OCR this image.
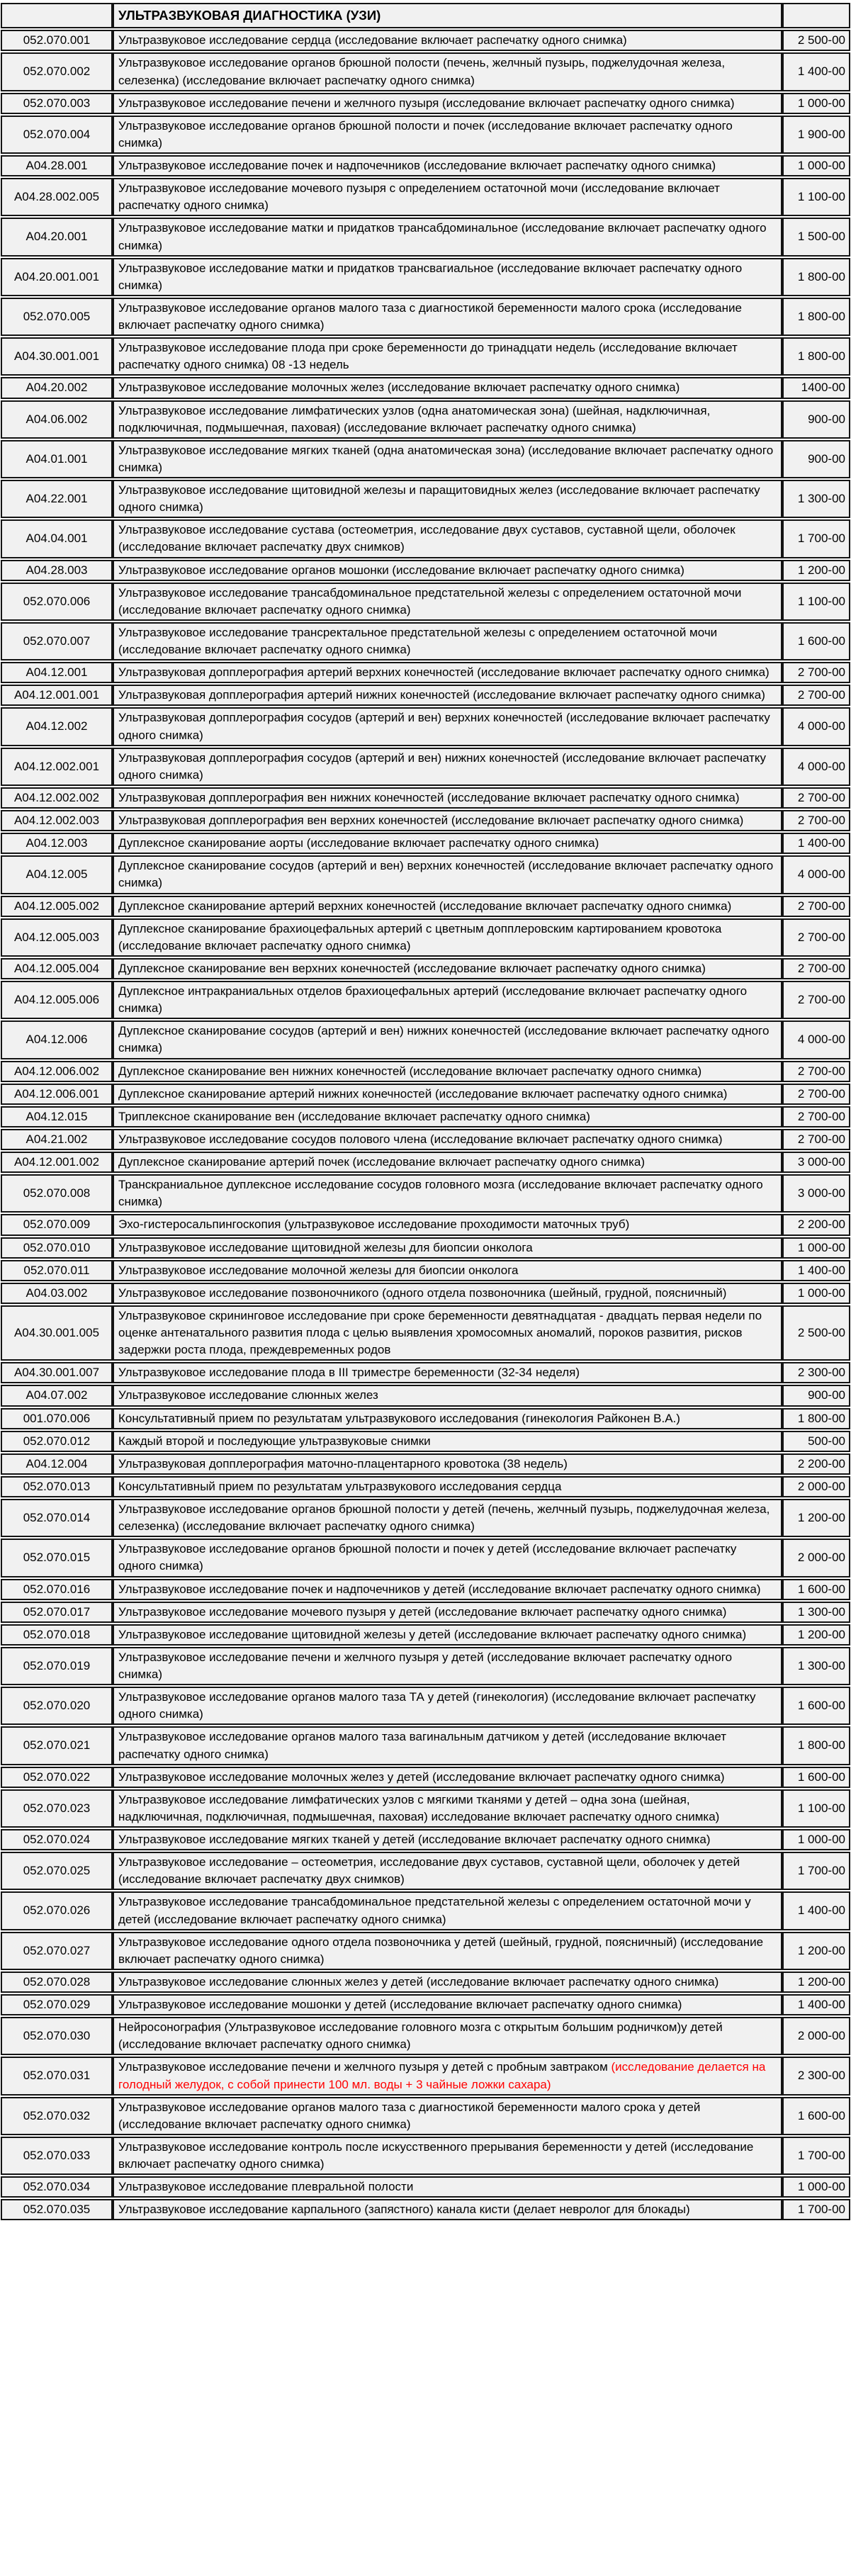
	УЛЬТРАЗВУКОВАЯ ДИАГНОСТИКА (УЗИ)	
052.070.001	Ультразвуковое исследование сердца (исследование включает распечатку одного снимка)	2 500-00
052.070.002	Ультразвуковое исследование органов брюшной полости (печень, желчный пузырь, поджелудочная железа, селезенка) (исследование включает распечатку одного снимка)	1 400-00
052.070.003	Ультразвуковое исследование печени и желчного пузыря (исследование включает распечатку одного снимка)	1 000-00
052.070.004	Ультразвуковое исследование органов брюшной полости и почек (исследование включает распечатку одного снимка)	1 900-00
А04.28.001	Ультразвуковое исследование почек и надпочечников (исследование включает распечатку одного снимка)	1 000-00
А04.28.002.005	Ультразвуковое исследование мочевого пузыря с определением остаточной мочи (исследование включает распечатку одного снимка)	1 100-00
А04.20.001	Ультразвуковое исследование матки и придатков трансабдоминальное (исследование включает распечатку одного снимка)	1 500-00
А04.20.001.001	Ультразвуковое исследование матки и придатков трансвагиальное (исследование включает распечатку одного снимка)	1 800-00
052.070.005	Ультразвуковое исследование органов малого таза с диагностикой беременности малого срока (исследование включает распечатку одного снимка)	1 800-00
А04.30.001.001	Ультразвуковое исследование плода при сроке беременности до тринадцати недель (исследование включает распечатку одного снимка) 08 -13 недель	1 800-00
А04.20.002	Ультразвуковое исследование молочных желез (исследование включает распечатку одного снимка)	1400-00
А04.06.002	Ультразвуковое исследование лимфатических узлов (одна анатомическая зона) (шейная, надключичная, подключичная, подмышечная, паховая) (исследование включает распечатку одного снимка)	900-00
А04.01.001	Ультразвуковое исследование мягких тканей (одна анатомическая зона) (исследование включает распечатку одного снимка)	900-00
А04.22.001	Ультразвуковое исследование щитовидной железы и паращитовидных желез (исследование включает распечатку одного снимка)	1 300-00
А04.04.001	Ультразвуковое исследование сустава (остеометрия, исследование двух суставов, суставной щели, оболочек (исследование включает распечатку двух снимков)	1 700-00
А04.28.003	Ультразвуковое исследование органов мошонки (исследование включает распечатку одного снимка)	1 200-00
052.070.006	Ультразвуковое исследование трансабдоминальное предстательной железы с определением остаточной мочи (исследование включает распечатку одного снимка)	1 100-00
052.070.007	Ультразвуковое исследование трансректальное предстательной железы с определением остаточной мочи (исследование включает распечатку одного снимка)	1 600-00
А04.12.001	Ультразвуковая допплерография артерий верхних конечностей (исследование включает распечатку одного снимка)	2 700-00
А04.12.001.001	Ультразвуковая допплерография артерий нижних конечностей (исследование включает распечатку одного снимка)	2 700-00
А04.12.002	Ультразвуковая допплерография сосудов (артерий и вен) верхних конечностей (исследование включает распечатку одного снимка)	4 000-00
А04.12.002.001	Ультразвуковая допплерография сосудов (артерий и вен) нижних конечностей (исследование включает распечатку одного снимка)	4 000-00
А04.12.002.002	Ультразвуковая допплерография вен нижних конечностей (исследование включает распечатку одного снимка)	2 700-00
А04.12.002.003	Ультразвуковая допплерография вен верхних конечностей (исследование включает распечатку одного снимка)	2 700-00
А04.12.003	Дуплексное сканирование аорты (исследование включает распечатку одного снимка)	1 400-00
А04.12.005	Дуплексное сканирование сосудов (артерий и вен) верхних конечностей (исследование включает распечатку одного снимка)	4 000-00
А04.12.005.002	Дуплексное сканирование артерий верхних конечностей (исследование включает распечатку одного снимка)	2 700-00
А04.12.005.003	Дуплексное сканирование брахиоцефальных артерий с цветным допплеровским картированием кровотока (исследование включает распечатку одного снимка)	2 700-00
А04.12.005.004	Дуплексное сканирование вен верхних конечностей (исследование включает распечатку одного снимка)	2 700-00
А04.12.005.006	Дуплексное интракраниальных отделов брахиоцефальных артерий (исследование включает распечатку одного снимка)	2 700-00
А04.12.006	Дуплексное сканирование сосудов (артерий и вен) нижних конечностей (исследование включает распечатку одного снимка)	4 000-00
А04.12.006.002	Дуплексное сканирование вен нижних конечностей (исследование включает распечатку одного снимка)	2 700-00
А04.12.006.001	Дуплексное сканирование артерий нижних конечностей (исследование включает распечатку одного снимка)	2 700-00
А04.12.015	Триплексное сканирование вен (исследование включает распечатку одного снимка)	2 700-00
А04.21.002	Ультразвуковое исследование сосудов полового члена (исследование включает распечатку одного снимка)	2 700-00
А04.12.001.002	Дуплексное сканирование артерий почек (исследование включает распечатку одного снимка)	3 000-00
052.070.008	Транскраниальное дуплексное исследование сосудов головного мозга (исследование включает распечатку одного снимка)	3 000-00
052.070.009	Эхо-гистеросальпингоскопия (ультразвуковое исследование проходимости маточных труб)	2 200-00
052.070.010	Ультразвуковое исследование щитовидной железы для биопсии онколога	1 000-00
052.070.011	Ультразвуковое исследование молочной железы для биопсии онколога	1 400-00
А04.03.002	Ультразвуковое исследование позвоночникого (одного отдела позвоночника (шейный, грудной, поясничный)	1 000-00
А04.30.001.005	Ультразвуковое скрининговое исследование при сроке беременности девятнадцатая - двадцать первая недели по оценке антенатального развития плода с целью выявления хромосомных аномалий, пороков развития, рисков задержки роста плода, преждевременных родов	2 500-00
А04.30.001.007	Ультразвуковое исследование плода в III триместре беременности (32-34 неделя)	2 300-00
А04.07.002	Ультразвуковое исследование слюнных желез	900-00
001.070.006	Консультативный прием по результатам ультразвукового исследования (гинекология Райконен В.А.)	1 800-00
052.070.012	Каждый второй и последующие ультразвуковые снимки	500-00
А04.12.004	Ультразвуковая допплерография маточно-плацентарного кровотока (38 недель)	2 200-00
052.070.013	Консультативный прием по результатам ультразвукового исследования сердца	2 000-00
052.070.014	Ультразвуковое исследование органов брюшной полости у детей (печень, желчный пузырь, поджелудочная железа, селезенка) (исследование включает распечатку одного снимка)	1 200-00
052.070.015	Ультразвуковое исследование органов брюшной полости и почек у детей (исследование включает распечатку одного снимка)	2 000-00
052.070.016	Ультразвуковое исследование почек и надпочечников у детей (исследование включает распечатку одного снимка)	1 600-00
052.070.017	Ультразвуковое исследование мочевого пузыря у детей (исследование включает распечатку одного снимка)	1 300-00
052.070.018	Ультразвуковое исследование щитовидной железы у детей (исследование включает распечатку одного снимка)	1 200-00
052.070.019	Ультразвуковое исследование печени и желчного пузыря у детей (исследование включает распечатку одного снимка)	1 300-00
052.070.020	Ультразвуковое исследование органов малого таза ТА у детей (гинекология) (исследование включает распечатку одного снимка)	1 600-00
052.070.021	Ультразвуковое исследование органов малого таза вагинальным датчиком у детей (исследование включает распечатку одного снимка)	1 800-00
052.070.022	Ультразвуковое исследование молочных желез у детей (исследование включает распечатку одного снимка)	1 600-00
052.070.023	Ультразвуковое исследование лимфатических узлов с мягкими тканями у детей – одна зона (шейная, надключичная, подключичная, подмышечная, паховая) исследование включает распечатку одного снимка)	1 100-00
052.070.024	Ультразвуковое исследование мягких тканей у детей (исследование включает распечатку одного снимка)	1 000-00
052.070.025	Ультразвуковое исследование – остеометрия, исследование двух суставов, суставной щели, оболочек у детей (исследование включает распечатку двух снимков)	1 700-00
052.070.026	Ультразвуковое исследование трансабдоминальное предстательной железы с определением остаточной мочи у детей (исследование включает распечатку одного снимка)	1 400-00
052.070.027	Ультразвуковое исследование одного отдела позвоночника у детей (шейный, грудной, поясничный) (исследование включает распечатку одного снимка)	1 200-00
052.070.028	Ультразвуковое исследование слюнных желез у детей (исследование включает распечатку одного снимка)	1 200-00
052.070.029	Ультразвуковое исследование мошонки у детей (исследование включает распечатку одного снимка)	1 400-00
052.070.030	Нейросонография (Ультразвуковое исследование головного мозга с открытым большим родничком)у детей (исследование включает распечатку одного снимка)	2 000-00
052.070.031	Ультразвуковое исследование печени и желчного пузыря у детей с пробным завтраком (исследование делается на голодный желудок, с собой принести 100 мл. воды + 3 чайные ложки сахара)	2 300-00
052.070.032	Ультразвуковое исследование органов малого таза с диагностикой беременности малого срока у детей (исследование включает распечатку одного снимка)	1 600-00
052.070.033	Ультразвуковое исследование контроль после искусственного прерывания беременности у детей (исследование включает распечатку одного снимка)	1 700-00
052.070.034	Ультразвуковое исследование плевральной полости	1 000-00
052.070.035	Ультразвуковое исследование карпального (запястного) канала кисти (делает невролог для блокады)	1 700-00
